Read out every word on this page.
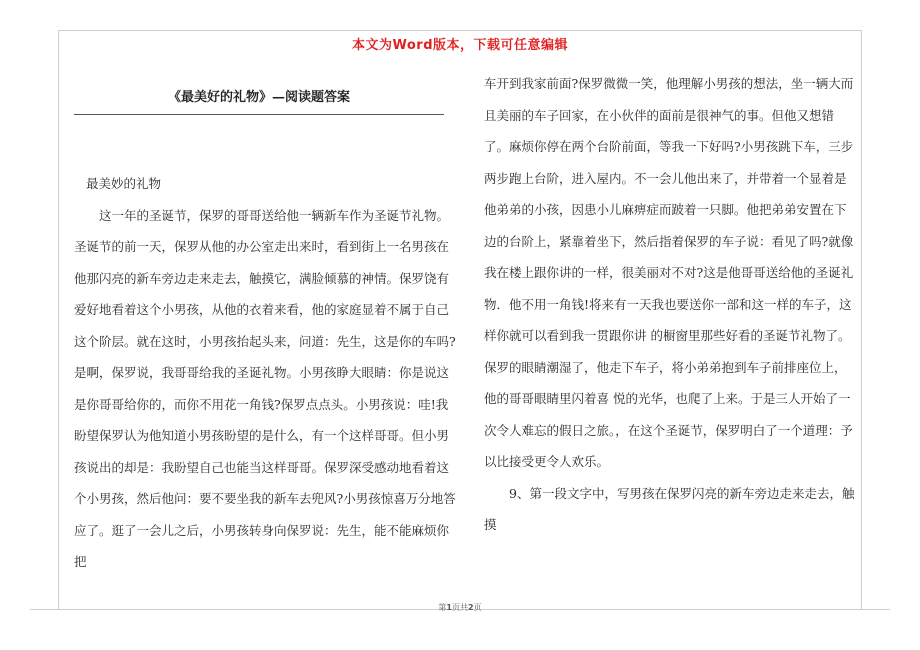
本文为Word版本，下载可任意编辑
《最美好的礼物》—阅读题答案

最美妙的礼物

这一年的圣诞节，保罗的哥哥送给他一辆新车作为圣诞节礼物。圣诞节的前一天，保罗从他的办公室走出来时，看到街上一名男孩在他那闪亮的新车旁边走来走去，触摸它，满脸倾慕的神情。保罗饶有爱好地看着这个小男孩，从他的衣着来看，他的家庭显着不属于自己这个阶层。就在这时，小男孩抬起头来，问道：先生，这是你的车吗?是啊，保罗说，我哥哥给我的圣诞礼物。小男孩睁大眼睛：你是说这是你哥哥给你的，而你不用花一角钱?保罗点点头。小男孩说：哇!我盼望保罗认为他知道小男孩盼望的是什么，有一个这样哥哥。但小男孩说出的却是：我盼望自己也能当这样哥哥。保罗深受感动地看着这个小男孩，然后他问：要不要坐我的新车去兜风?小男孩惊喜万分地答应了。逛了一会儿之后，小男孩转身向保罗说：先生，能不能麻烦你把

车开到我家前面?保罗微微一笑，他理解小男孩的想法，坐一辆大而且美丽的车子回家，在小伙伴的面前是很神气的事。但他又想错了。麻烦你停在两个台阶前面，等我一下好吗?小男孩跳下车，三步两步跑上台阶，进入屋内。不一会儿他出来了，并带着一个显着是他弟弟的小孩，因患小儿麻痹症而跛着一只脚。他把弟弟安置在下边的台阶上，紧靠着坐下，然后指着保罗的车子说：看见了吗?就像我在楼上跟你讲的一样，很美丽对不对?这是他哥哥送给他的圣诞礼物．他不用一角钱!将来有一天我也要送你一部和这一样的车子，这样你就可以看到我一贯跟你讲 的橱窗里那些好看的圣诞节礼物了。保罗的眼睛潮湿了，他走下车子，将小弟弟抱到车子前排座位上，他的哥哥眼睛里闪着喜 悦的光华，也爬了上来。于是三人开始了一次令人难忘的假日之旅。，在这个圣诞节，保罗明白了一个道理：予以比接受更令人欢乐。

9、第一段文字中，写男孩在保罗闪亮的新车旁边走来走去，触摸

第1页共2页
